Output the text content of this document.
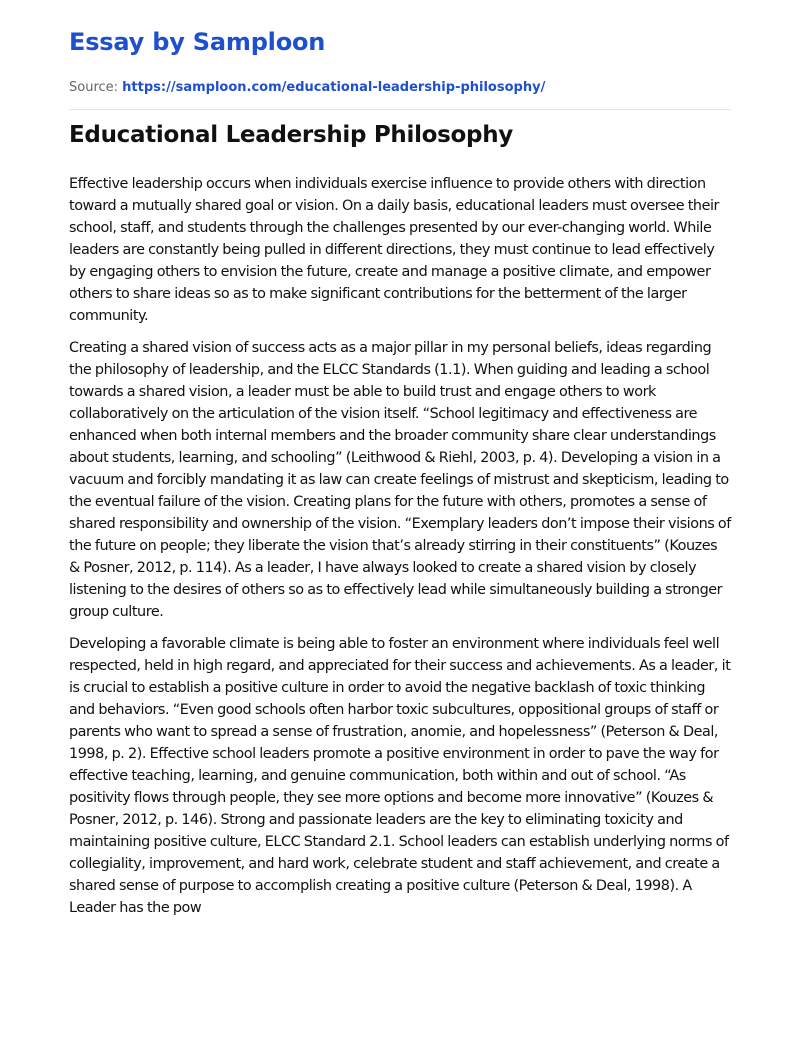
Essay by Samploon
Source: https://samploon.com/educational-leadership-philosophy/
Educational Leadership Philosophy

Effective leadership occurs when individuals exercise influence to provide others with direction toward a mutually shared goal or vision. On a daily basis, educational leaders must oversee their school, staff, and students through the challenges presented by our ever-changing world. While leaders are constantly being pulled in different directions, they must continue to lead effectively by engaging others to envision the future, create and manage a positive climate, and empower others to share ideas so as to make significant contributions for the betterment of the larger community.

Creating a shared vision of success acts as a major pillar in my personal beliefs, ideas regarding the philosophy of leadership, and the ELCC Standards (1.1). When guiding and leading a school towards a shared vision, a leader must be able to build trust and engage others to work collaboratively on the articulation of the vision itself. “School legitimacy and effectiveness are enhanced when both internal members and the broader community share clear understandings about students, learning, and schooling” (Leithwood & Riehl, 2003, p. 4). Developing a vision in a vacuum and forcibly mandating it as law can create feelings of mistrust and skepticism, leading to the eventual failure of the vision. Creating plans for the future with others, promotes a sense of shared responsibility and ownership of the vision. “Exemplary leaders don’t impose their visions of the future on people; they liberate the vision that’s already stirring in their constituents” (Kouzes & Posner, 2012, p. 114). As a leader, I have always looked to create a shared vision by closely listening to the desires of others so as to effectively lead while simultaneously building a stronger group culture.

Developing a favorable climate is being able to foster an environment where individuals feel well respected, held in high regard, and appreciated for their success and achievements. As a leader, it is crucial to establish a positive culture in order to avoid the negative backlash of toxic thinking and behaviors. “Even good schools often harbor toxic subcultures, oppositional groups of staff or parents who want to spread a sense of frustration, anomie, and hopelessness” (Peterson & Deal, 1998, p. 2). Effective school leaders promote a positive environment in order to pave the way for effective teaching, learning, and genuine communication, both within and out of school. “As positivity flows through people, they see more options and become more innovative” (Kouzes & Posner, 2012, p. 146). Strong and passionate leaders are the key to eliminating toxicity and maintaining positive culture, ELCC Standard 2.1. School leaders can establish underlying norms of collegiality, improvement, and hard work, celebrate student and staff achievement, and create a shared sense of purpose to accomplish creating a positive culture (Peterson & Deal, 1998). A Leader has the pow
